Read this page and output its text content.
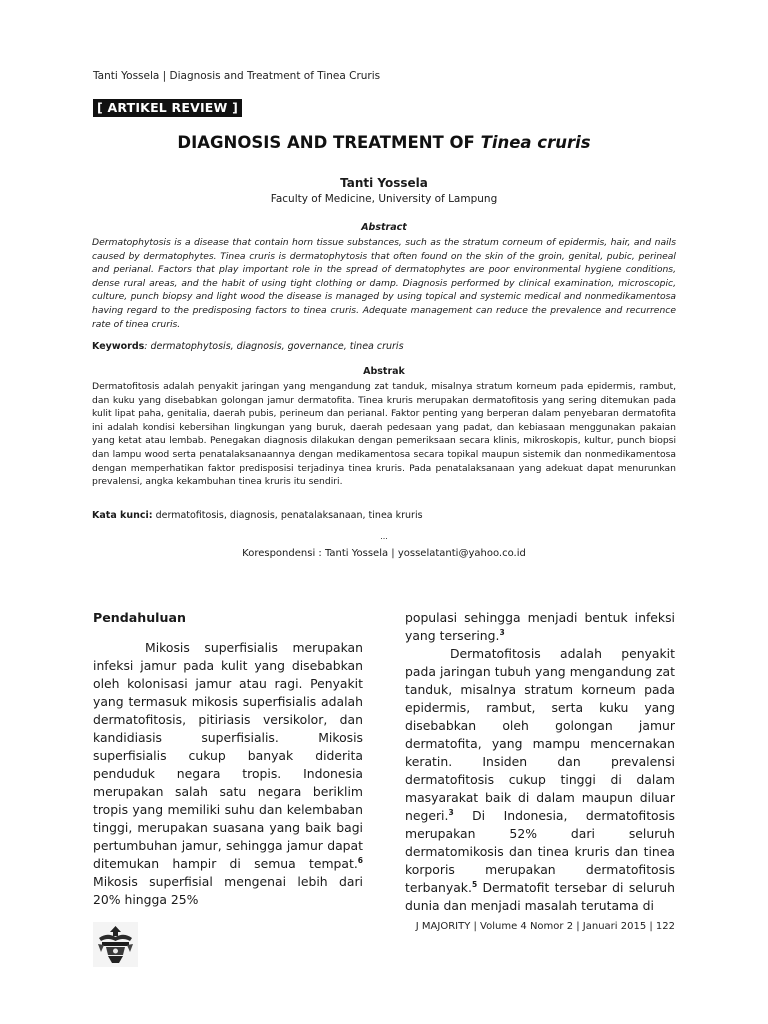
Tanti Yossela | Diagnosis and Treatment of Tinea Cruris
[ ARTIKEL REVIEW ]
DIAGNOSIS AND TREATMENT OF Tinea cruris
Tanti Yossela
Faculty of Medicine, University of Lampung
Abstract

Dermatophytosis is a disease that contain horn tissue substances, such as the stratum corneum of epidermis, hair, and nails caused by dermatophytes. Tinea cruris is dermatophytosis that often found on the skin of the groin, genital, pubic, perineal and perianal. Factors that play important role in the spread of dermatophytes are poor environmental hygiene conditions, dense rural areas, and the habit of using tight clothing or damp. Diagnosis performed by clinical examination, microscopic, culture, punch biopsy and light wood the disease is managed by using topical and systemic medical and nonmedikamentosa having regard to the predisposing factors to tinea cruris. Adequate management can reduce the prevalence and recurrence rate of tinea cruris.

Keywords: dermatophytosis, diagnosis, governance, tinea cruris
Abstrak

Dermatofitosis adalah penyakit jaringan yang mengandung zat tanduk, misalnya stratum korneum pada epidermis, rambut, dan kuku yang disebabkan golongan jamur dermatofita. Tinea kruris merupakan dermatofitosis yang sering ditemukan pada kulit lipat paha, genitalia, daerah pubis, perineum dan perianal. Faktor penting yang berperan dalam penyebaran dermatofita ini adalah kondisi kebersihan lingkungan yang buruk, daerah pedesaan yang padat, dan kebiasaan menggunakan pakaian yang ketat atau lembab. Penegakan diagnosis dilakukan dengan pemeriksaan secara klinis, mikroskopis, kultur, punch biopsi dan lampu wood serta penatalaksanaannya dengan medikamentosa secara topikal maupun sistemik dan nonmedikamentosa dengan memperhatikan faktor predisposisi terjadinya tinea kruris. Pada penatalaksanaan yang adekuat dapat menurunkan prevalensi, angka kekambuhan tinea kruris itu sendiri.

Kata kunci: dermatofitosis, diagnosis, penatalaksanaan, tinea kruris
...
Korespondensi : Tanti Yossela | yosselatanti@yahoo.co.id
Pendahuluan

Mikosis superfisialis merupakan infeksi jamur pada kulit yang disebabkan oleh kolonisasi jamur atau ragi. Penyakit yang termasuk mikosis superfisialis adalah dermatofitosis, pitiriasis versikolor, dan kandidiasis superfisialis. Mikosis superfisialis cukup banyak diderita penduduk negara tropis. Indonesia merupakan salah satu negara beriklim tropis yang memiliki suhu dan kelembaban tinggi, merupakan suasana yang baik bagi pertumbuhan jamur, sehingga jamur dapat ditemukan hampir di semua tempat.$^6$ Mikosis superfisial mengenai lebih dari 20% hingga 25%

populasi sehingga menjadi bentuk infeksi yang tersering.$^3$

Dermatofitosis adalah penyakit pada jaringan tubuh yang mengandung zat tanduk, misalnya stratum korneum pada epidermis, rambut, serta kuku yang disebabkan oleh golongan jamur dermatofita, yang mampu mencernakan keratin. Insiden dan prevalensi dermatofitosis cukup tinggi di dalam masyarakat baik di dalam maupun diluar negeri.$^3$ Di Indonesia, dermatofitosis merupakan 52% dari seluruh dermatomikosis dan tinea kruris dan tinea korporis merupakan dermatofitosis terbanyak.$^5$ Dermatofit tersebar di seluruh dunia dan menjadi masalah terutama di

J MAJORITY | Volume 4 Nomor 2 | Januari 2015 | 122
